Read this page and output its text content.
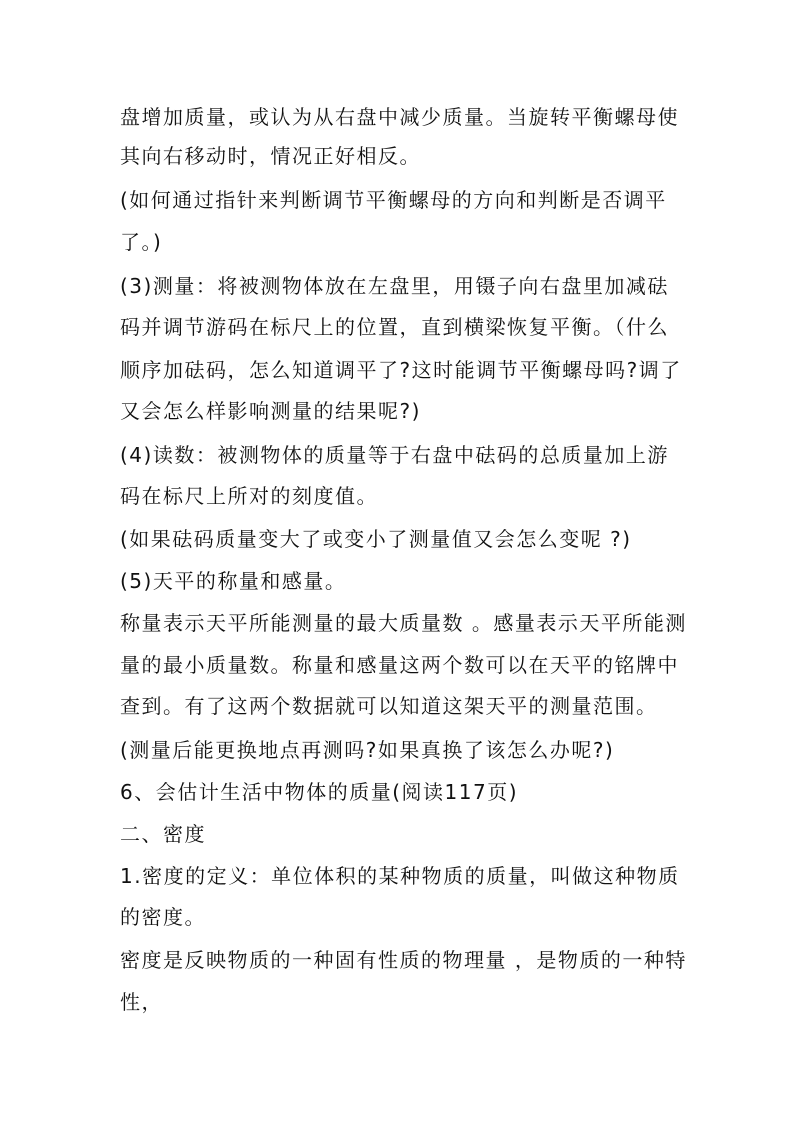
盘增加质量，或认为从右盘中减少质量。当旋转平衡螺母使
其向右移动时，情况正好相反。
(如何通过指针来判断调节平衡螺母的方向和判断是否调平
了。)
(3)测量：将被测物体放在左盘里，用镊子向右盘里加减砝
码并调节游码在标尺上的位置，直到横梁恢复平衡。（什么
顺序加砝码，怎么知道调平了?这时能调节平衡螺母吗?调了
又会怎么样影响测量的结果呢?)
(4)读数：被测物体的质量等于右盘中砝码的总质量加上游
码在标尺上所对的刻度值。
(如果砝码质量变大了或变小了测量值又会怎么变呢 ?)
(5)天平的称量和感量。
称量表示天平所能测量的最大质量数 。感量表示天平所能测
量的最小质量数。称量和感量这两个数可以在天平的铭牌中
查到。有了这两个数据就可以知道这架天平的测量范围。
(测量后能更换地点再测吗?如果真换了该怎么办呢?)
6、会估计生活中物体的质量(阅读117页)
二、密度
1.密度的定义：单位体积的某种物质的质量，叫做这种物质
的密度。
密度是反映物质的一种固有性质的物理量 ，是物质的一种特
性，
